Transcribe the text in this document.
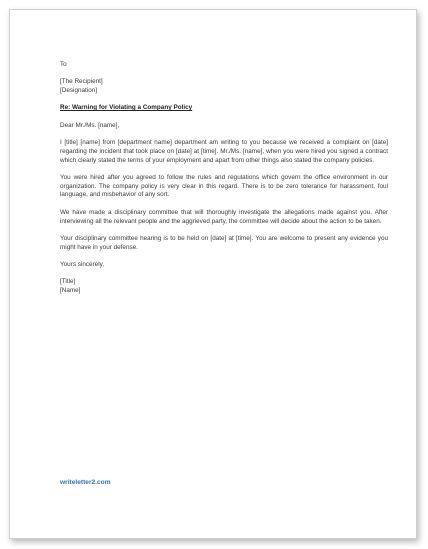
To
[The Recipient]
[Designation]
Re: Warning for Violating a Company Policy
Dear Mr./Ms. [name],

I [title] [name] from [department name] department am writing to you because we received a complaint on [date] regarding the incident that took place on [date] at [time]. Mr./Ms. [name], when you were hired you signed a contract which clearly stated the terms of your employment and apart from other things also stated the company policies.

You were hired after you agreed to follow the rules and regulations which govern the office environment in our organization. The company policy is very clear in this regard. There is to be zero tolerance for harassment, foul language, and misbehavior of any sort.

We have made a disciplinary committee that will thoroughly investigate the allegations made against you. After interviewing all the relevant people and the aggrieved party, the committee will decide about the action to be taken.

Your disciplinary committee hearing is to be held on [date] at [time]. You are welcome to present any evidence you might have in your defense.

Yours sincerely,
[Title]
[Name]
writeletter2.com
